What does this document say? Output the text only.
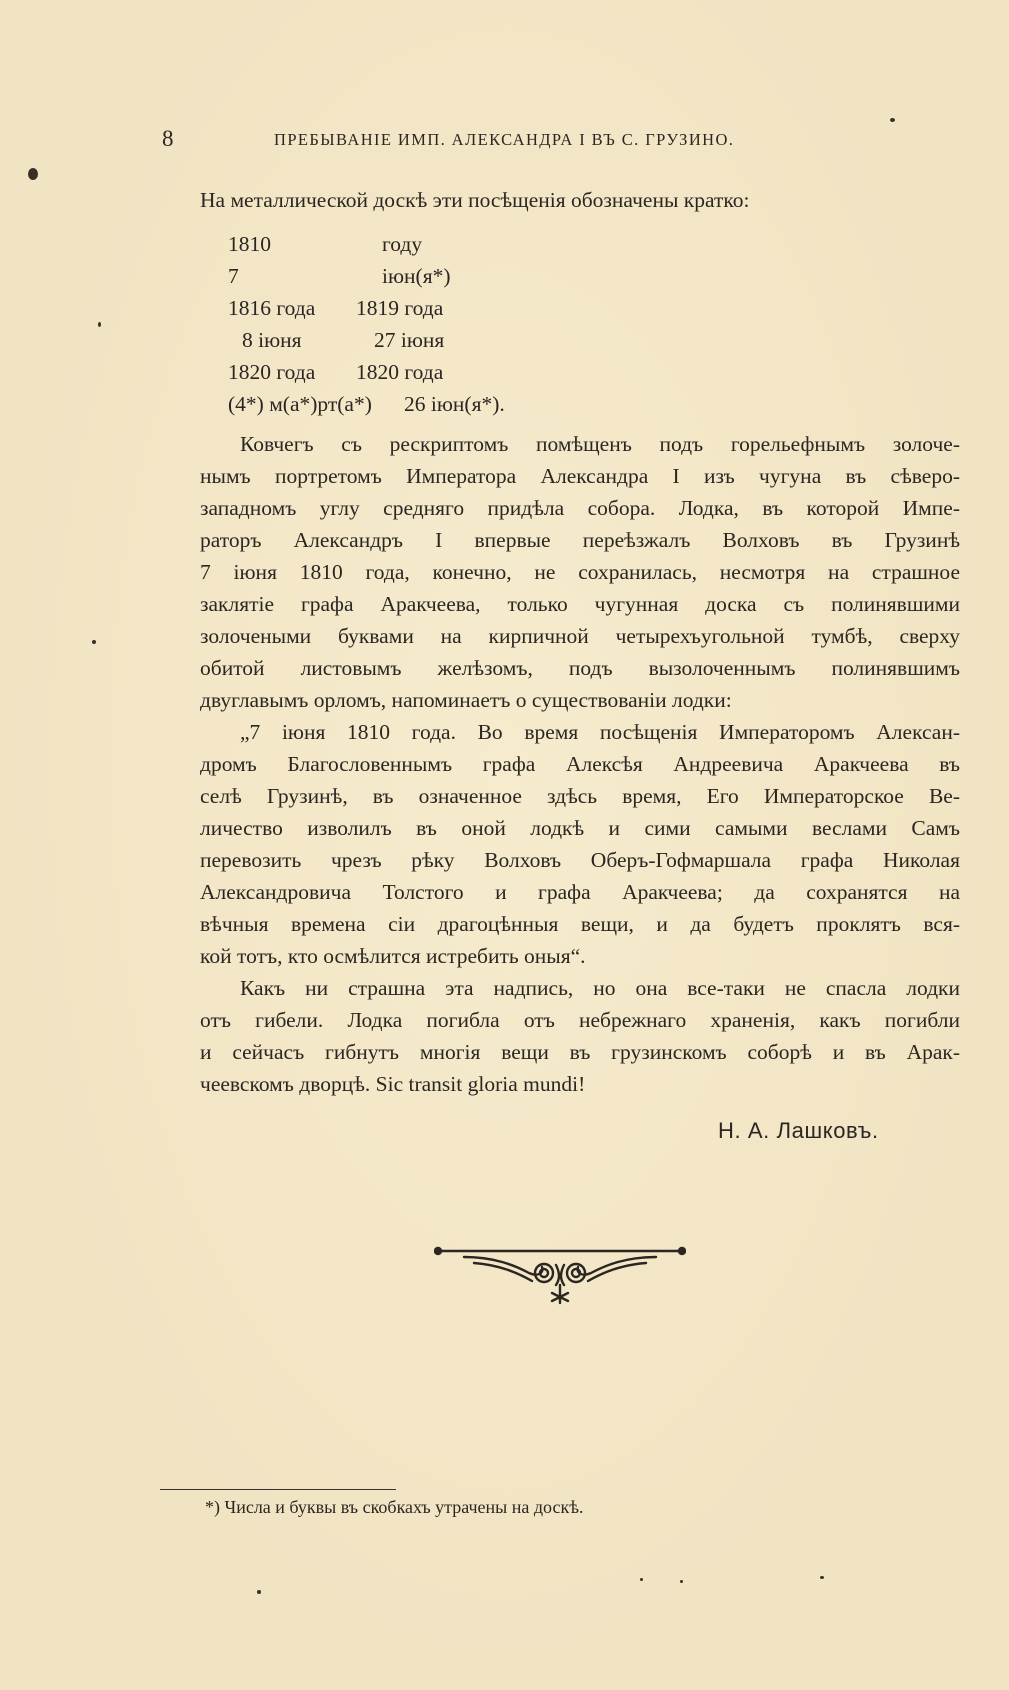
8	ПРЕБЫВАНІЕ ИМП. АЛЕКСАНДРА I ВЪ С. ГРУЗИНО.

На металлической доскѣ эти посѣщенія обозначены кратко:

1810	году
7	іюн(я*)
1816 года 1819 года
8 іюня	27 іюня
1820 года 1820 года
(4*) м(а*)рт(а*) 26 іюн(я*).
Ковчегъ съ рескриптомъ помѣщенъ подъ горельефнымъ золоче-
нымъ портретомъ Императора Александра I изъ чугуна въ сѣверо-
западномъ углу средняго придѣла собора. Лодка, въ которой Импе-
раторъ Александръ I впервые переѣзжалъ Волховъ въ Грузинѣ
7 іюня 1810 года, конечно, не сохранилась, несмотря на страшное
заклятіе графа Аракчеева, только чугунная доска съ полинявшими
золочеными буквами на кирпичной четырехъугольной тумбѣ, сверху
обитой листовымъ желѣзомъ, подъ вызолоченнымъ полинявшимъ
двуглавымъ орломъ, напоминаетъ о существованіи лодки:
„7 іюня 1810 года. Во время посѣщенія Императоромъ Алексан-
дромъ Благословеннымъ графа Алексѣя Андреевича Аракчеева въ
селѣ Грузинѣ, въ означенное здѣсь время, Его Императорское Ве-
личество изволилъ въ оной лодкѣ и сими самыми веслами Самъ
перевозить чрезъ рѣку Волховъ Оберъ-Гофмаршала графа Николая
Александровича Толстого и графа Аракчеева; да сохранятся на
вѣчныя времена сіи драгоцѣнныя вещи, и да будетъ проклятъ вся-
кой тотъ, кто осмѣлится истребить оныя“.
Какъ ни страшна эта надпись, но она все-таки не спасла лодки
отъ гибели. Лодка погибла отъ небрежнаго храненія, какъ погибли
и сейчасъ гибнутъ многія вещи въ грузинскомъ соборѣ и въ Арак-
чеевскомъ дворцѣ. Sic transit gloria mundi!
Н. А. Лашковъ.
*) Числа и буквы въ скобкахъ утрачены на доскѣ.
